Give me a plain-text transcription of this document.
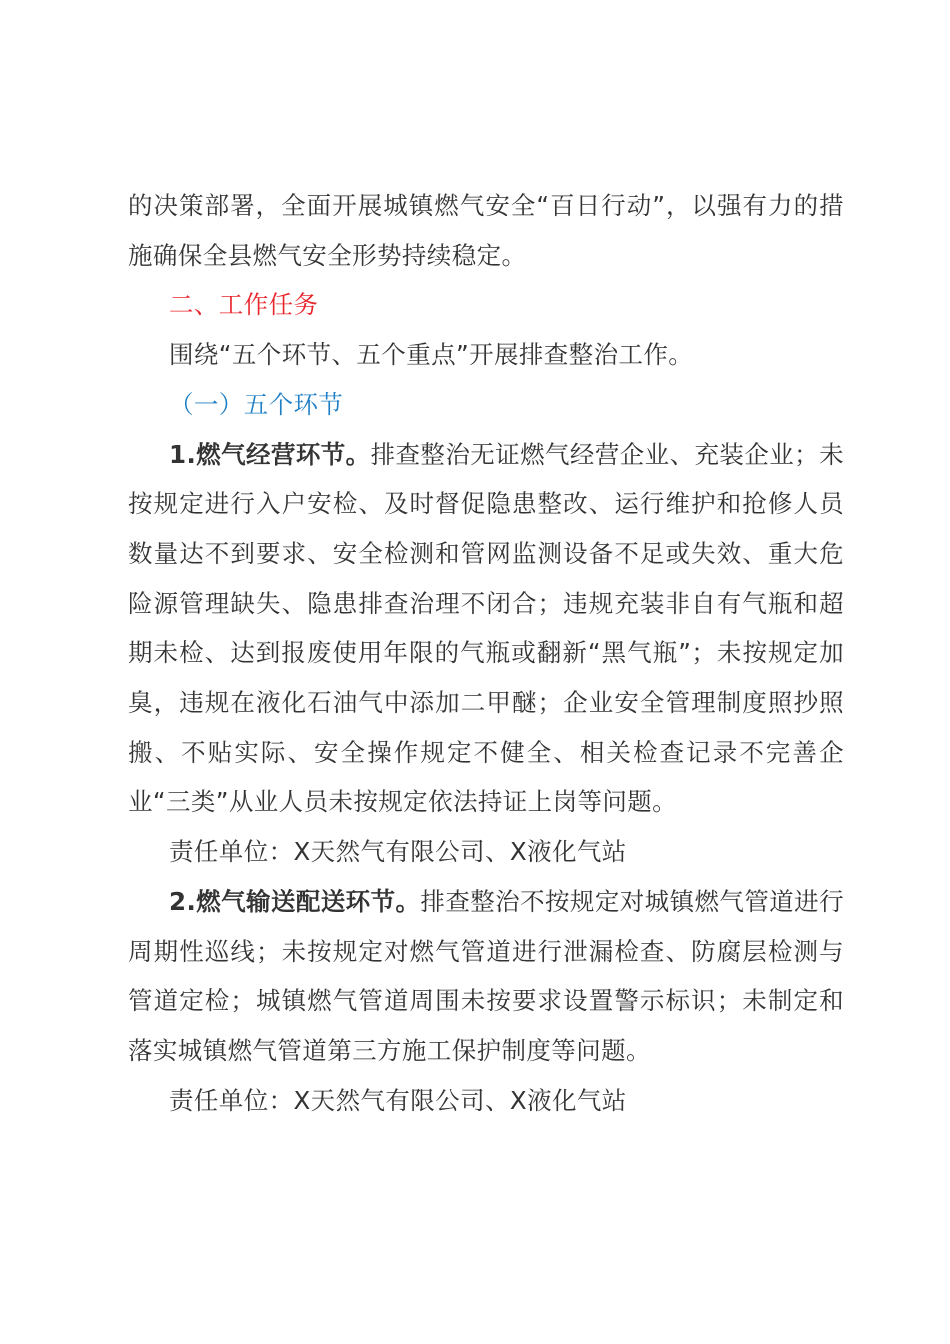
的决策部署，全面开展城镇燃气安全“百日行动”，以强有力的措施确保全县燃气安全形势持续稳定。

二、工作任务

围绕“五个环节、五个重点”开展排查整治工作。

（一）五个环节

1.燃气经营环节。排查整治无证燃气经营企业、充装企业；未按规定进行入户安检、及时督促隐患整改、运行维护和抢修人员数量达不到要求、安全检测和管网监测设备不足或失效、重大危险源管理缺失、隐患排查治理不闭合；违规充装非自有气瓶和超期未检、达到报废使用年限的气瓶或翻新“黑气瓶”；未按规定加臭，违规在液化石油气中添加二甲醚；企业安全管理制度照抄照搬、不贴实际、安全操作规定不健全、相关检查记录不完善企业“三类”从业人员未按规定依法持证上岗等问题。

责任单位：X天然气有限公司、X液化气站

2.燃气输送配送环节。排查整治不按规定对城镇燃气管道进行周期性巡线；未按规定对燃气管道进行泄漏检查、防腐层检测与管道定检；城镇燃气管道周围未按要求设置警示标识；未制定和落实城镇燃气管道第三方施工保护制度等问题。

责任单位：X天然气有限公司、X液化气站
